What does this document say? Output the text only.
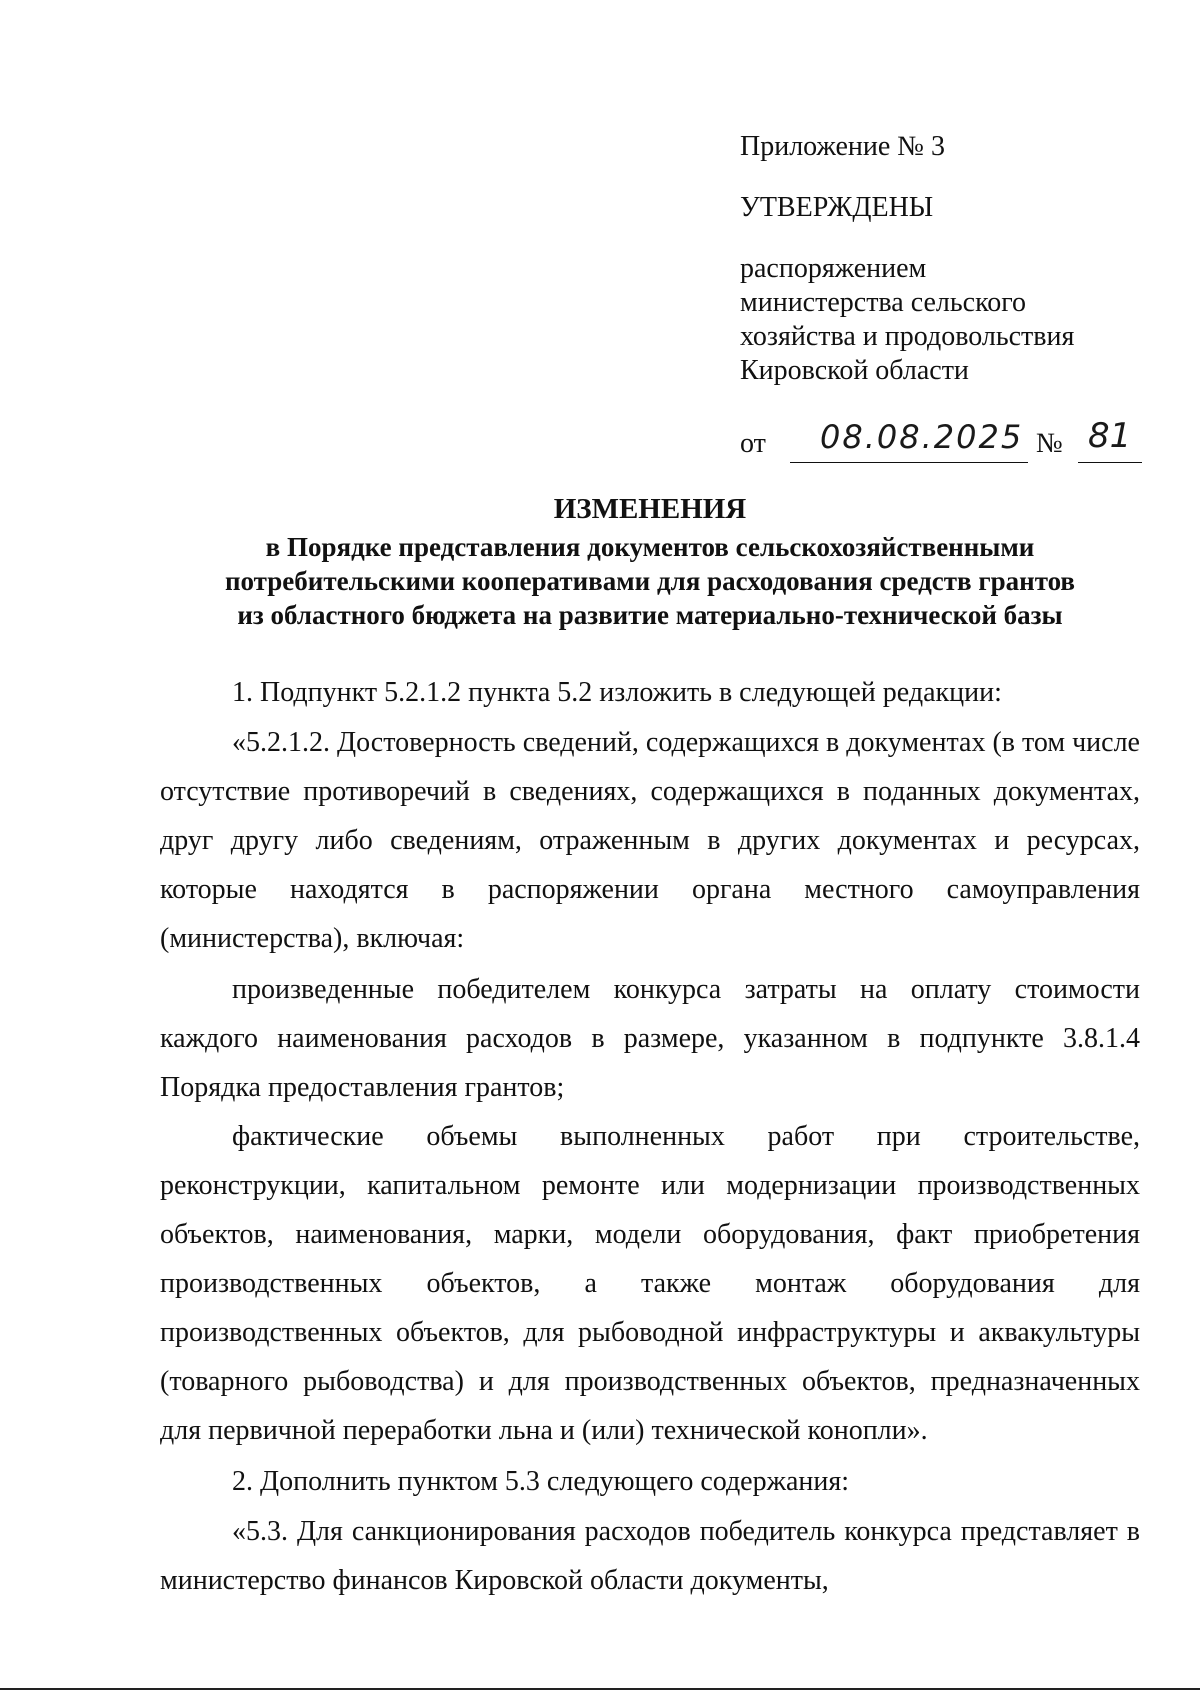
Приложение № 3
УТВЕРЖДЕНЫ
распоряжением
министерства сельского
хозяйства и продовольствия
Кировской области
от 08.08.2025 № 81
ИЗМЕНЕНИЯ
в Порядке представления документов сельскохозяйственными
потребительскими кооперативами для расходования средств грантов
из областного бюджета на развитие материально-технической базы

1. Подпункт 5.2.1.2 пункта 5.2 изложить в следующей редакции:

«5.2.1.2. Достоверность сведений, содержащихся в документах (в том числе отсутствие противоречий в сведениях, содержащихся в поданных документах, друг другу либо сведениям, отраженным в других документах и ресурсах, которые находятся в распоряжении органа местного самоуправления (министерства), включая:

произведенные победителем конкурса затраты на оплату стоимости каждого наименования расходов в размере, указанном в подпункте 3.8.1.4 Порядка предоставления грантов;

фактические объемы выполненных работ при строительстве, реконструкции, капитальном ремонте или модернизации производственных объектов, наименования, марки, модели оборудования, факт приобретения производственных объектов, а также монтаж оборудования для производственных объектов, для рыбоводной инфраструктуры и аквакультуры (товарного рыбоводства) и для производственных объектов, предназначенных для первичной переработки льна и (или) технической конопли».

2. Дополнить пунктом 5.3 следующего содержания:

«5.3. Для санкционирования расходов победитель конкурса представляет в министерство финансов Кировской области документы,
